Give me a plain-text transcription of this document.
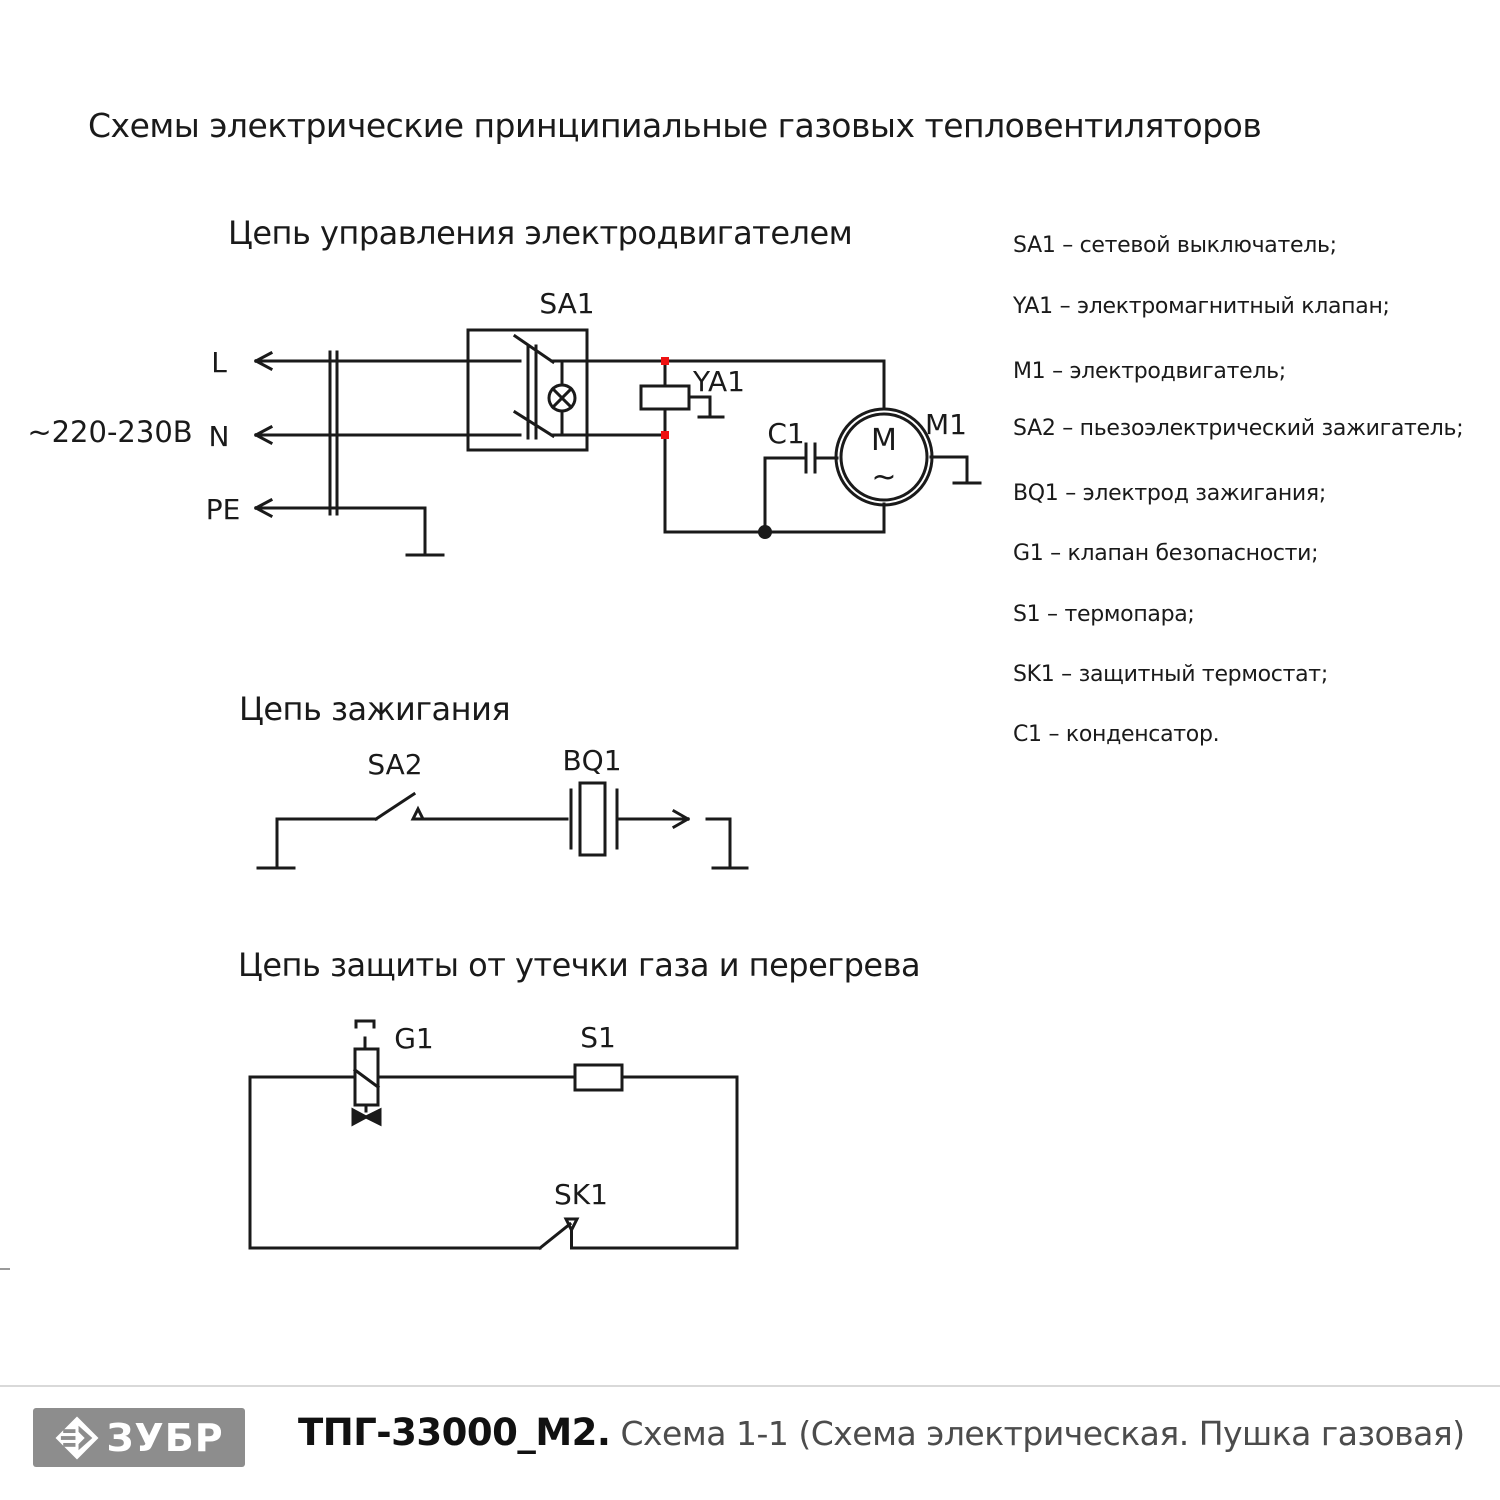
Схемы электрические принципиальные газовых тепловентиляторов
Цепь управления электродвигателем
Цепь зажигания
Цепь защиты от утечки газа и перегрева
L
N
PE
~220-230В
SA1
YA1
C1	M1
M
~
SA2	BQ1
G1	S1
SK1
SA1 – сетевой выключатель;
YA1 – электромагнитный клапан;
M1 – электродвигатель;
SA2 – пьезоэлектрический зажигатель;
BQ1 – электрод зажигания;
G1 – клапан безопасности;
S1 – термопара;
SK1 – защитный термостат;
C1 – конденсатор.
ЗУБР ТПГ-33000_М2. Схема 1-1 (Схема электрическая. Пушка газовая)
